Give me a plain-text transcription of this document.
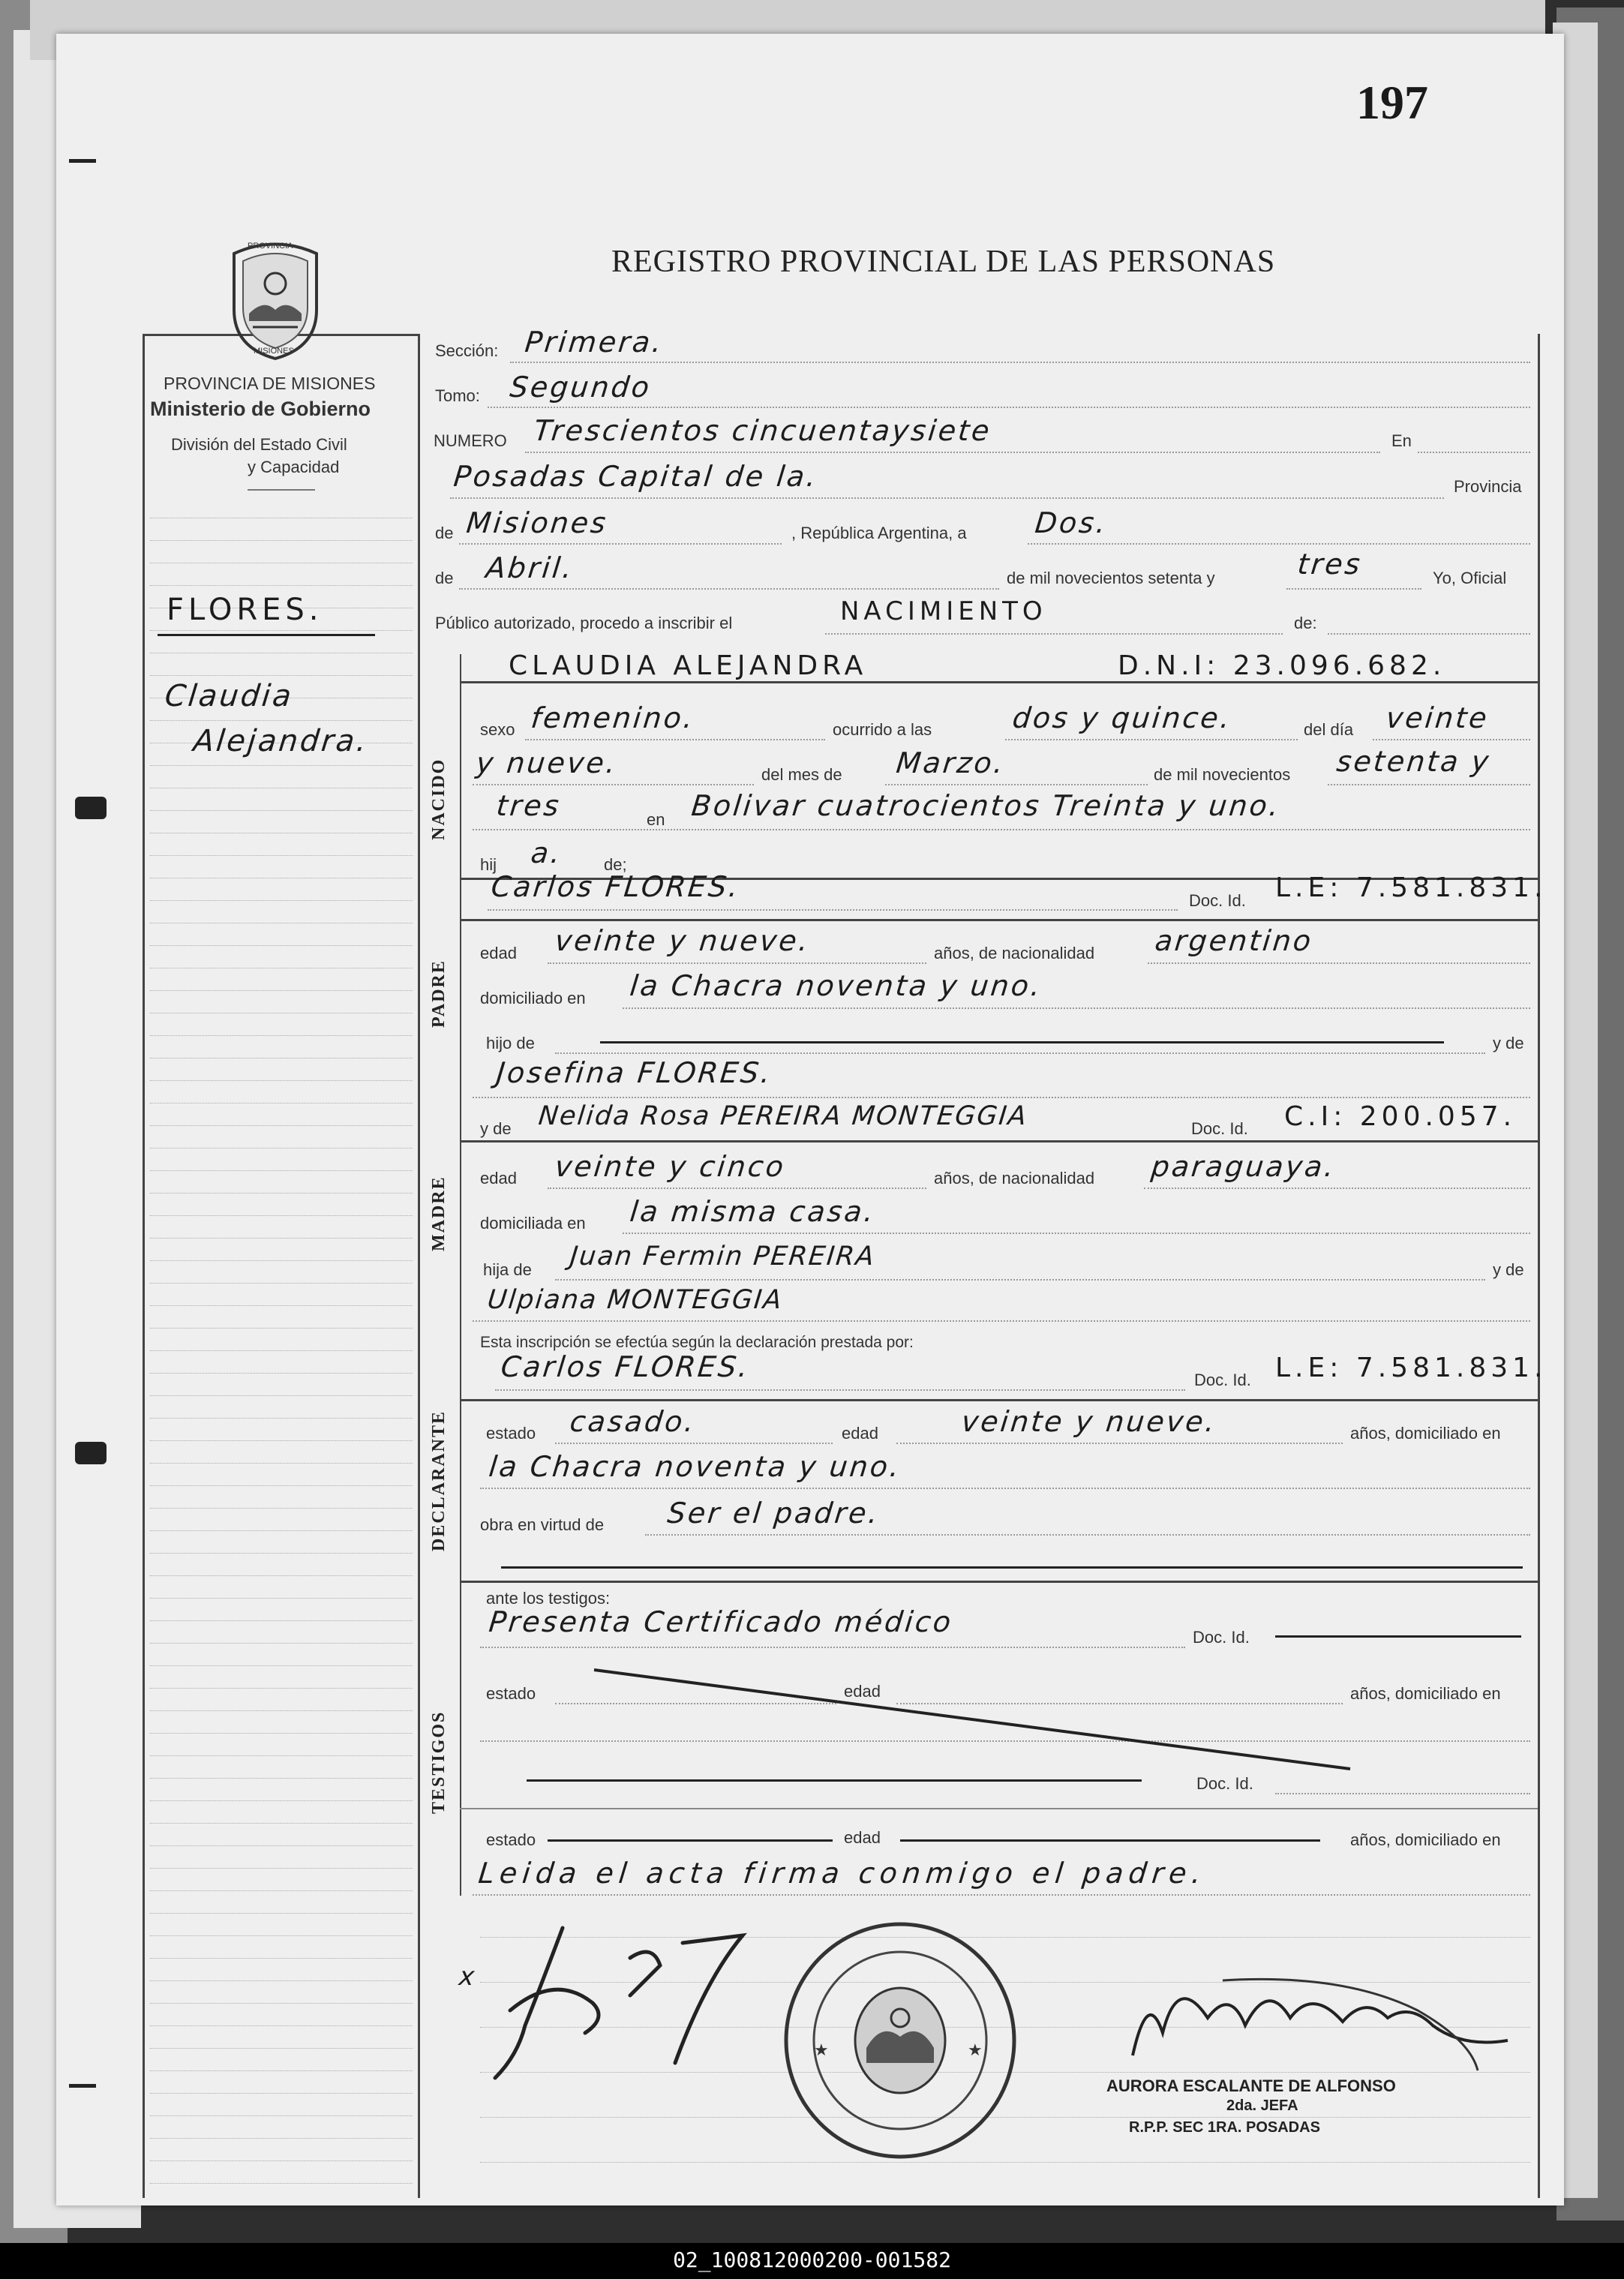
197
REGISTRO PROVINCIAL DE LAS PERSONAS
PROVINCIA
MISIONES
PROVINCIA DE MISIONES
Ministerio de Gobierno
División del Estado Civil
y Capacidad
FLORES.
Claudia
Alejandra.
Sección: Primera.
Tomo: Segundo
NUMERO Trescientos cincuentaysiete	En
Posadas Capital de la.	Provincia
de Misiones	, República Argentina, a Dos.
de Abril.	de mil novecientos setenta y	tres	Yo, Oficial
Público autorizado, procedo a inscribir el	NACIMIENTO	de:
NACIDO
CLAUDIA ALEJANDRA	D.N.I: 23.096.682.
sexo femenino.	ocurrido a las	dos y quince.	del día veinte
y nueve.	del mes de Marzo.	de mil novecientos setenta y
tres	en Bolivar cuatrocientos Treinta y uno.
hij a. de;
PADRE
Carlos FLORES.	Doc. Id. L.E: 7.581.831.
edad veinte y nueve.	años, de nacionalidad argentino
domiciliado en la Chacra noventa y uno.
hijo de	y de
Josefina FLORES.
y de Nelida Rosa PEREIRA MONTEGGIA	Doc. Id. C.I: 200.057.
MADRE edad veinte y cinco	años, de nacionalidad paraguaya.
domiciliada en la misma casa.
hija de Juan Fermin PEREIRA	y de
Ulpiana MONTEGGIA
Esta inscripción se efectúa según la declaración prestada por:
Carlos FLORES.	Doc. Id. L.E: 7.581.831.
DECLARANTE estado casado.	edad	veinte y nueve.	años, domiciliado en
la Chacra noventa y uno.
obra en virtud de Ser el padre.
ante los testigos:
Presenta Certificado médico	Doc. Id.
TESTIGOS
estado	edad	años, domiciliado en
Doc. Id.
estado	edad	años, domiciliado en
Leida el acta firma conmigo el padre.
x
★	★
AURORA ESCALANTE DE ALFONSO
2da. JEFA
R.P.P. SEC 1RA. POSADAS
02_100812000200-001582
